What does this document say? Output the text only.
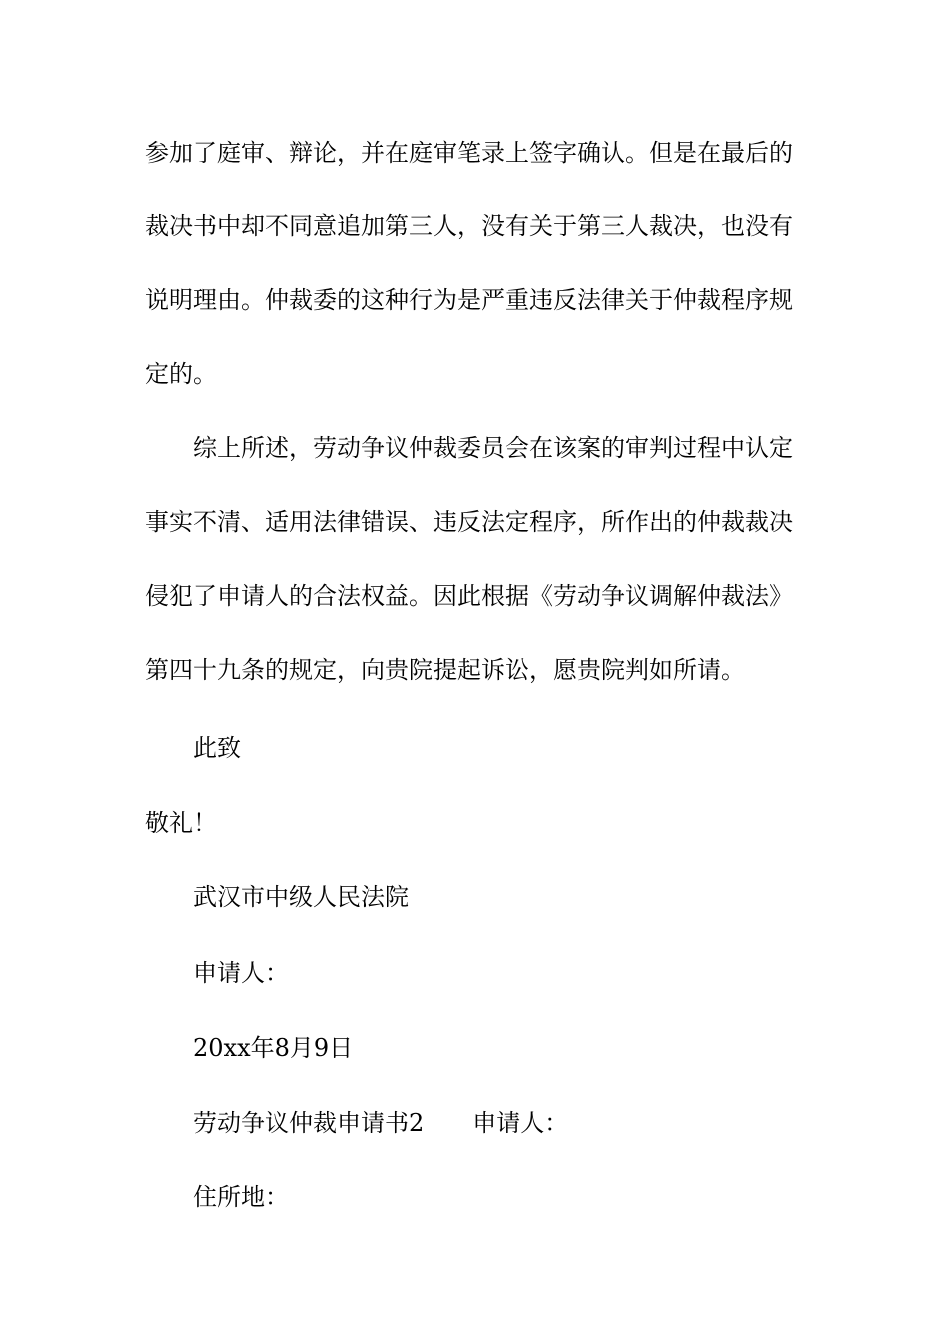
参加了庭审、辩论，并在庭审笔录上签字确认。但是在最后的
裁决书中却不同意追加第三人，没有关于第三人裁决，也没有
说明理由。仲裁委的这种行为是严重违反法律关于仲裁程序规
定的。
综上所述，劳动争议仲裁委员会在该案的审判过程中认定
事实不清、适用法律错误、违反法定程序，所作出的仲裁裁决
侵犯了申请人的合法权益。因此根据《劳动争议调解仲裁法》
第四十九条的规定，向贵院提起诉讼，愿贵院判如所请。
此致
敬礼！
武汉市中级人民法院
申请人：
20xx年8月9日
劳动争议仲裁申请书2 申请人：
住所地：
